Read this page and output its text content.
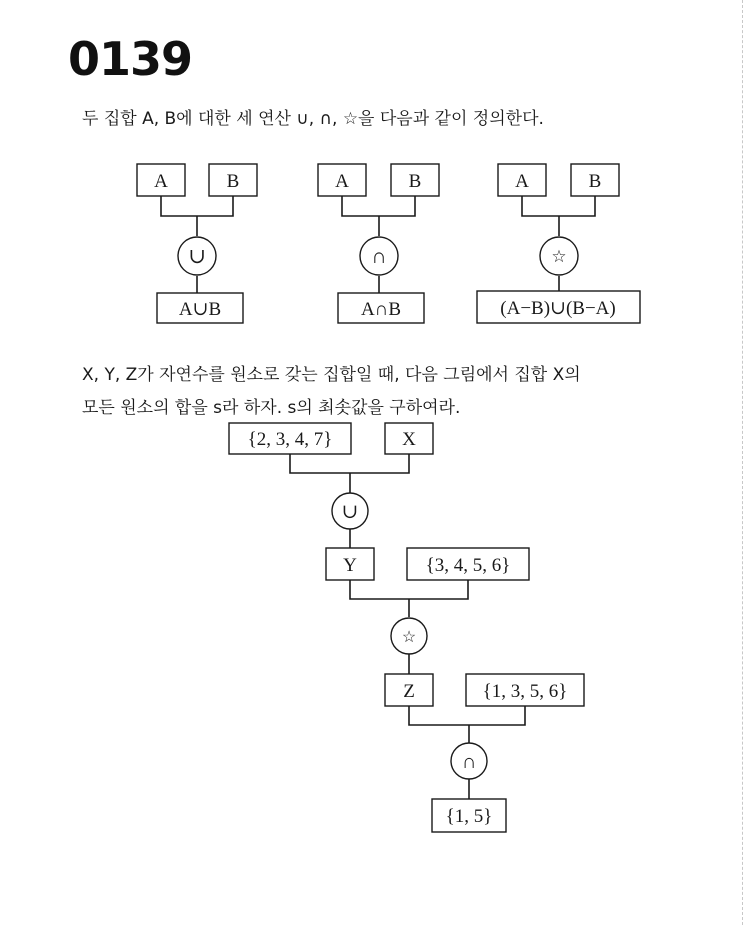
0139
두 집합 A, B에 대한 세 연산 ∪, ∩, ☆을 다음과 같이 정의한다.
X, Y, Z가 자연수를 원소로 갖는 집합일 때, 다음 그림에서 집합 X의
모든 원소의 합을 s라 하자. s의 최솟값을 구하여라.
A	B
∪
A∪B
A	B
∩
A∩B
A	B
☆
(A−B)∪(B−A)
{2, 3, 4, 7}	X
∪
Y	{3, 4, 5, 6}
☆
Z	{1, 3, 5, 6}
∩
{1, 5}
